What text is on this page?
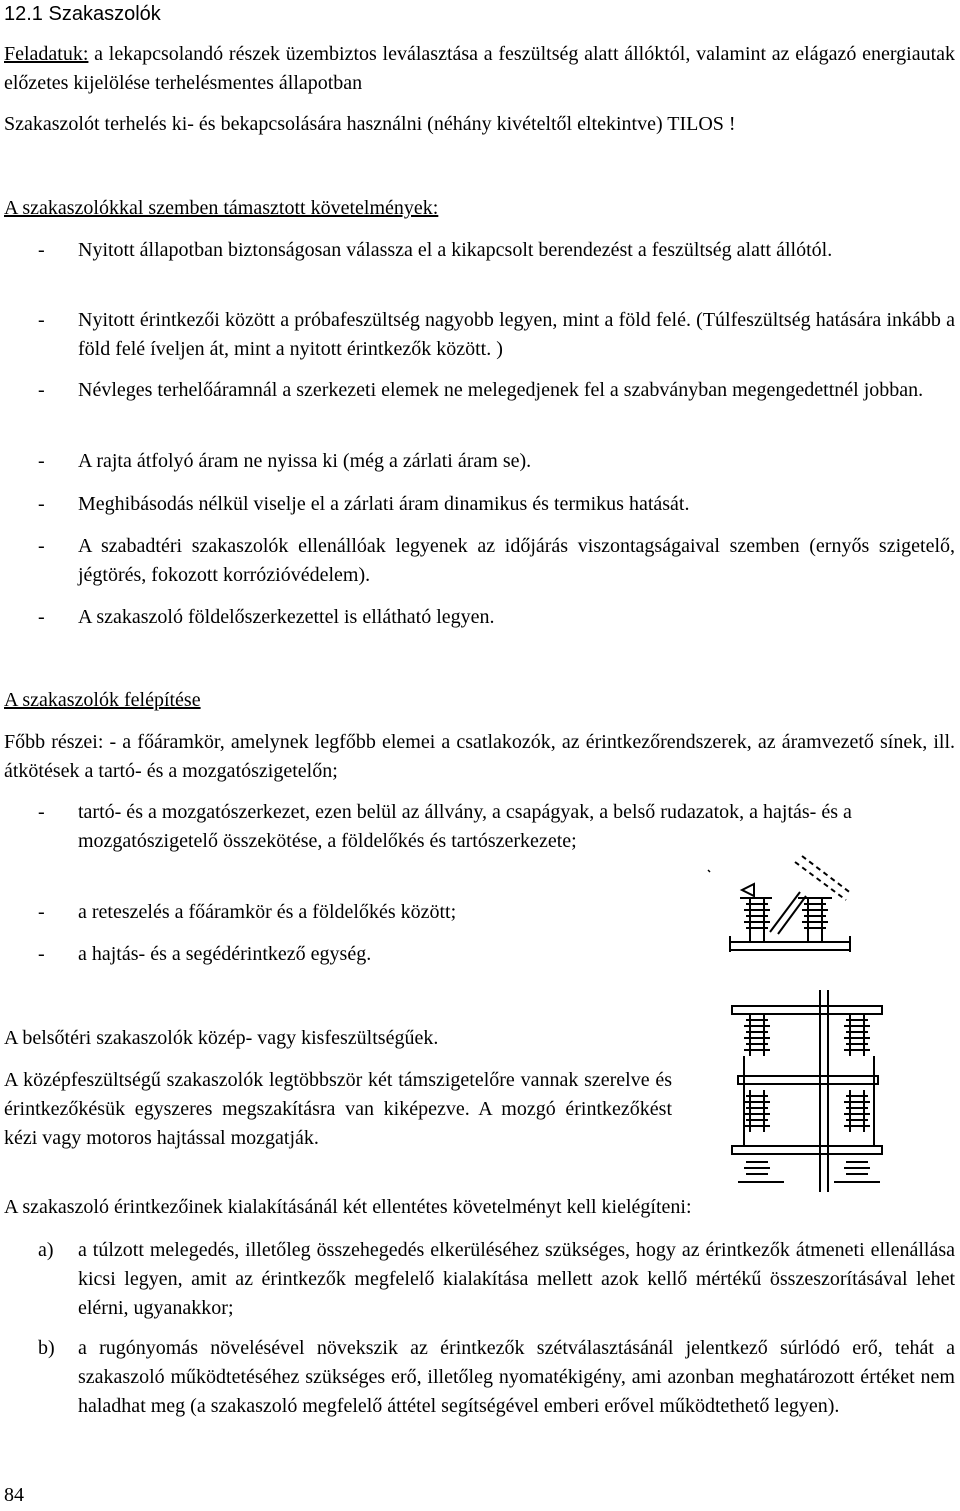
12.1 Szakaszolók
Feladatuk: a lekapcsolandó részek üzembiztos leválasztása a feszültség alatt állóktól, valamint az elágazó energiautak előzetes kijelölése terhelésmentes állapotban
Szakaszolót terhelés ki- és bekapcsolására használni (néhány kivételtől eltekintve) TILOS !
A szakaszolókkal szemben támasztott követelmények:
- Nyitott állapotban biztonságosan válassza el a kikapcsolt berendezést a feszültség alatt állótól.
- Nyitott érintkezői között a próbafeszültség nagyobb legyen, mint a föld felé. (Túlfeszültség hatására inkább a föld felé íveljen át, mint a nyitott érintkezők között. )
- Névleges terhelőáramnál a szerkezeti elemek ne melegedjenek fel a szabványban megengedettnél jobban.
- A rajta átfolyó áram ne nyissa ki (még a zárlati áram se).
- Meghibásodás nélkül viselje el a zárlati áram dinamikus és termikus hatását.
- A szabadtéri szakaszolók ellenállóak legyenek az időjárás viszontagságaival szemben (ernyős szigetelő, jégtörés, fokozott korrózióvédelem).
- A szakaszoló földelőszerkezettel is ellátható legyen.
A szakaszolók felépítése
Főbb részei: - a főáramkör, amelynek legfőbb elemei a csatlakozók, az érintkezőrendszerek, az áramvezető sínek, ill. átkötések a tartó- és a mozgatószigetelőn;
- tartó- és a mozgatószerkezet, ezen belül az állvány, a csapágyak, a belső rudazatok, a hajtás- és a mozgatószigetelő összekötése, a földelőkés és tartószerkezete;
- a reteszelés a főáramkör és a földelőkés között;
- a hajtás- és a segédérintkező egység.
A belsőtéri szakaszolók közép- vagy kisfeszültségűek.
A középfeszültségű szakaszolók legtöbbször két támszigetelőre vannak szerelve és érintkezőkésük egyszeres megszakításra van kiképezve. A mozgó érintkezőkést kézi vagy motoros hajtással mozgatják.
A szakaszoló érintkezőinek kialakításánál két ellentétes követelményt kell kielégíteni:
a) a túlzott melegedés, illetőleg összehegedés elkerüléséhez szükséges, hogy az érintkezők átmeneti ellenállása kicsi legyen, amit az érintkezők megfelelő kialakítása mellett azok kellő mértékű összeszorításával lehet elérni, ugyanakkor;
b) a rugónyomás növelésével növekszik az érintkezők szétválasztásánál jelentkező súrlódó erő, tehát a szakaszoló működtetéséhez szükséges erő, illetőleg nyomatékigény, ami azonban meghatározott értéket nem haladhat meg (a szakaszoló megfelelő áttétel segítségével emberi erővel működtethető legyen).
84
